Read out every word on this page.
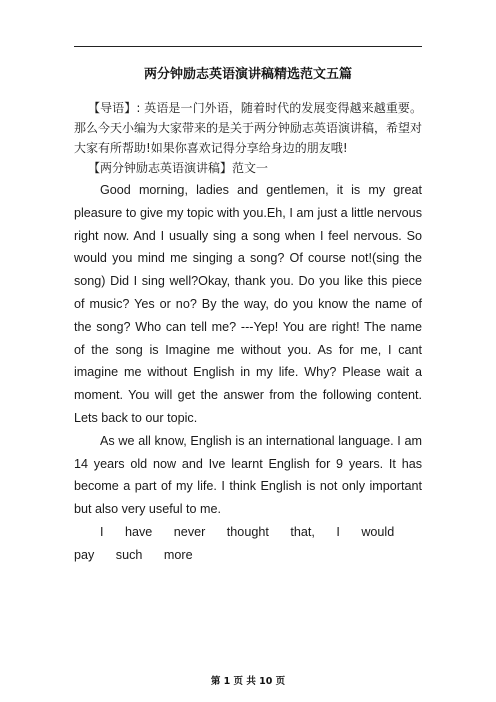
两分钟励志英语演讲稿精选范文五篇

【导语】: 英语是一门外语，随着时代的发展变得越来越重要。那么今天小编为大家带来的是关于两分钟励志英语演讲稿，希望对大家有所帮助!如果你喜欢记得分享给身边的朋友哦!

【两分钟励志英语演讲稿】范文一

Good morning, ladies and gentlemen, it is my great pleasure to give my topic with you.Eh, I am just a little nervous right now. And I usually sing a song when I feel nervous. So would you mind me singing a song? Of course not!(sing the song) Did I sing well?Okay, thank you. Do you like this piece of music? Yes or no? By the way, do you know the name of the song? Who can tell me? ---Yep! You are right! The name of the song is Imagine me without you. As for me, I cant imagine me without English in my life. Why? Please wait a moment. You will get the answer from the following content. Lets back to our topic.

As we all know, English is an international language. I am 14 years old now and Ive learnt English for 9 years. It has become a part of my life. I think English is not only important but also very useful to me.

I have never thought that, I would pay such more

第 1 页 共 10 页
